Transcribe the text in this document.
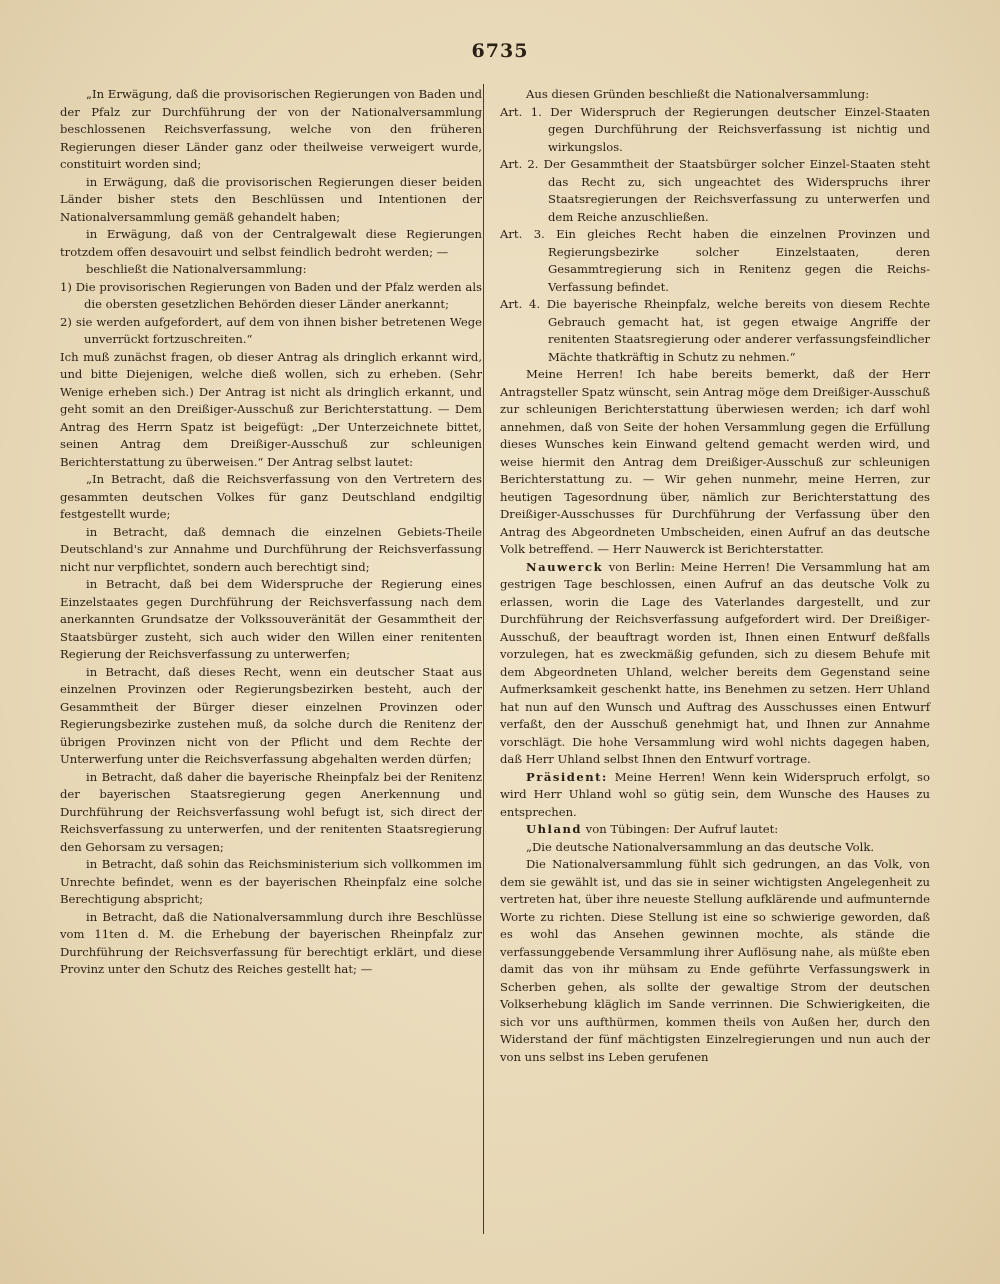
6735

„In Erwägung, daß die provisorischen Regierungen von Baden und der Pfalz zur Durchführung der von der Nationalversammlung beschlossenen Reichsverfassung, welche von den früheren Regierungen dieser Länder ganz oder theilweise verweigert wurde, constituirt worden sind;

in Erwägung, daß die provisorischen Regierungen dieser beiden Länder bisher stets den Beschlüssen und Intentionen der Nationalversammlung gemäß gehandelt haben;

in Erwägung, daß von der Centralgewalt diese Regierungen trotzdem offen desavouirt und selbst feindlich bedroht werden; —

beschließt die Nationalversammlung:

1) Die provisorischen Regierungen von Baden und der Pfalz werden als die obersten gesetzlichen Behörden dieser Länder anerkannt;

2) sie werden aufgefordert, auf dem von ihnen bisher betretenen Wege unverrückt fortzuschreiten.“

Ich muß zunächst fragen, ob dieser Antrag als dringlich erkannt wird, und bitte Diejenigen, welche dieß wollen, sich zu erheben. (Sehr Wenige erheben sich.) Der Antrag ist nicht als dringlich erkannt, und geht somit an den Dreißiger-Ausschuß zur Berichterstattung. — Dem Antrag des Herrn Spatz ist beigefügt: „Der Unterzeichnete bittet, seinen Antrag dem Dreißiger-Ausschuß zur schleunigen Berichterstattung zu überweisen.“ Der Antrag selbst lautet:

„In Betracht, daß die Reichsverfassung von den Vertretern des gesammten deutschen Volkes für ganz Deutschland endgiltig festgestellt wurde;

in Betracht, daß demnach die einzelnen Gebiets-Theile Deutschland's zur Annahme und Durchführung der Reichsverfassung nicht nur verpflichtet, sondern auch berechtigt sind;

in Betracht, daß bei dem Widerspruche der Regierung eines Einzelstaates gegen Durchführung der Reichsverfassung nach dem anerkannten Grundsatze der Volkssouveränität der Gesammtheit der Staatsbürger zusteht, sich auch wider den Willen einer renitenten Regierung der Reichsverfassung zu unterwerfen;

in Betracht, daß dieses Recht, wenn ein deutscher Staat aus einzelnen Provinzen oder Regierungsbezirken besteht, auch der Gesammtheit der Bürger dieser einzelnen Provinzen oder Regierungsbezirke zustehen muß, da solche durch die Renitenz der übrigen Provinzen nicht von der Pflicht und dem Rechte der Unterwerfung unter die Reichsverfassung abgehalten werden dürfen;

in Betracht, daß daher die bayerische Rheinpfalz bei der Renitenz der bayerischen Staatsregierung gegen Anerkennung und Durchführung der Reichsverfassung wohl befugt ist, sich direct der Reichsverfassung zu unterwerfen, und der renitenten Staatsregierung den Gehorsam zu versagen;

in Betracht, daß sohin das Reichsministerium sich vollkommen im Unrechte befindet, wenn es der bayerischen Rheinpfalz eine solche Berechtigung abspricht;

in Betracht, daß die Nationalversammlung durch ihre Beschlüsse vom 11ten d. M. die Erhebung der bayerischen Rheinpfalz zur Durchführung der Reichsverfassung für berechtigt erklärt, und diese Provinz unter den Schutz des Reiches gestellt hat; —

Aus diesen Gründen beschließt die Nationalversammlung:

Art. 1. Der Widerspruch der Regierungen deutscher Einzel-Staaten gegen Durchführung der Reichsverfassung ist nichtig und wirkungslos.

Art. 2. Der Gesammtheit der Staatsbürger solcher Einzel-Staaten steht das Recht zu, sich ungeachtet des Widerspruchs ihrer Staatsregierungen der Reichsverfassung zu unterwerfen und dem Reiche anzuschließen.

Art. 3. Ein gleiches Recht haben die einzelnen Provinzen und Regierungsbezirke solcher Einzelstaaten, deren Gesammtregierung sich in Renitenz gegen die Reichs-Verfassung befindet.

Art. 4. Die bayerische Rheinpfalz, welche bereits von diesem Rechte Gebrauch gemacht hat, ist gegen etwaige Angriffe der renitenten Staatsregierung oder anderer verfassungsfeindlicher Mächte thatkräftig in Schutz zu nehmen.“

Meine Herren! Ich habe bereits bemerkt, daß der Herr Antragsteller Spatz wünscht, sein Antrag möge dem Dreißiger-Ausschuß zur schleunigen Berichterstattung überwiesen werden; ich darf wohl annehmen, daß von Seite der hohen Versammlung gegen die Erfüllung dieses Wunsches kein Einwand geltend gemacht werden wird, und weise hiermit den Antrag dem Dreißiger-Ausschuß zur schleunigen Berichterstattung zu. — Wir gehen nunmehr, meine Herren, zur heutigen Tagesordnung über, nämlich zur Berichterstattung des Dreißiger-Ausschusses für Durchführung der Verfassung über den Antrag des Abgeordneten Umbscheiden, einen Aufruf an das deutsche Volk betreffend. — Herr Nauwerck ist Berichterstatter.

Nauwerck von Berlin: Meine Herren! Die Versammlung hat am gestrigen Tage beschlossen, einen Aufruf an das deutsche Volk zu erlassen, worin die Lage des Vaterlandes dargestellt, und zur Durchführung der Reichsverfassung aufgefordert wird. Der Dreißiger-Ausschuß, der beauftragt worden ist, Ihnen einen Entwurf deßfalls vorzulegen, hat es zweckmäßig gefunden, sich zu diesem Behufe mit dem Abgeordneten Uhland, welcher bereits dem Gegenstand seine Aufmerksamkeit geschenkt hatte, ins Benehmen zu setzen. Herr Uhland hat nun auf den Wunsch und Auftrag des Ausschusses einen Entwurf verfaßt, den der Ausschuß genehmigt hat, und Ihnen zur Annahme vorschlägt. Die hohe Versammlung wird wohl nichts dagegen haben, daß Herr Uhland selbst Ihnen den Entwurf vortrage.

Präsident: Meine Herren! Wenn kein Widerspruch erfolgt, so wird Herr Uhland wohl so gütig sein, dem Wunsche des Hauses zu entsprechen.

Uhland von Tübingen: Der Aufruf lautet:

„Die deutsche Nationalversammlung an das deutsche Volk.

Die Nationalversammlung fühlt sich gedrungen, an das Volk, von dem sie gewählt ist, und das sie in seiner wichtigsten Angelegenheit zu vertreten hat, über ihre neueste Stellung aufklärende und aufmunternde Worte zu richten. Diese Stellung ist eine so schwierige geworden, daß es wohl das Ansehen gewinnen mochte, als stände die verfassunggebende Versammlung ihrer Auflösung nahe, als müßte eben damit das von ihr mühsam zu Ende geführte Verfassungswerk in Scherben gehen, als sollte der gewaltige Strom der deutschen Volkserhebung kläglich im Sande verrinnen. Die Schwierigkeiten, die sich vor uns aufthürmen, kommen theils von Außen her, durch den Widerstand der fünf mächtigsten Einzelregierungen und nun auch der von uns selbst ins Leben gerufenen
